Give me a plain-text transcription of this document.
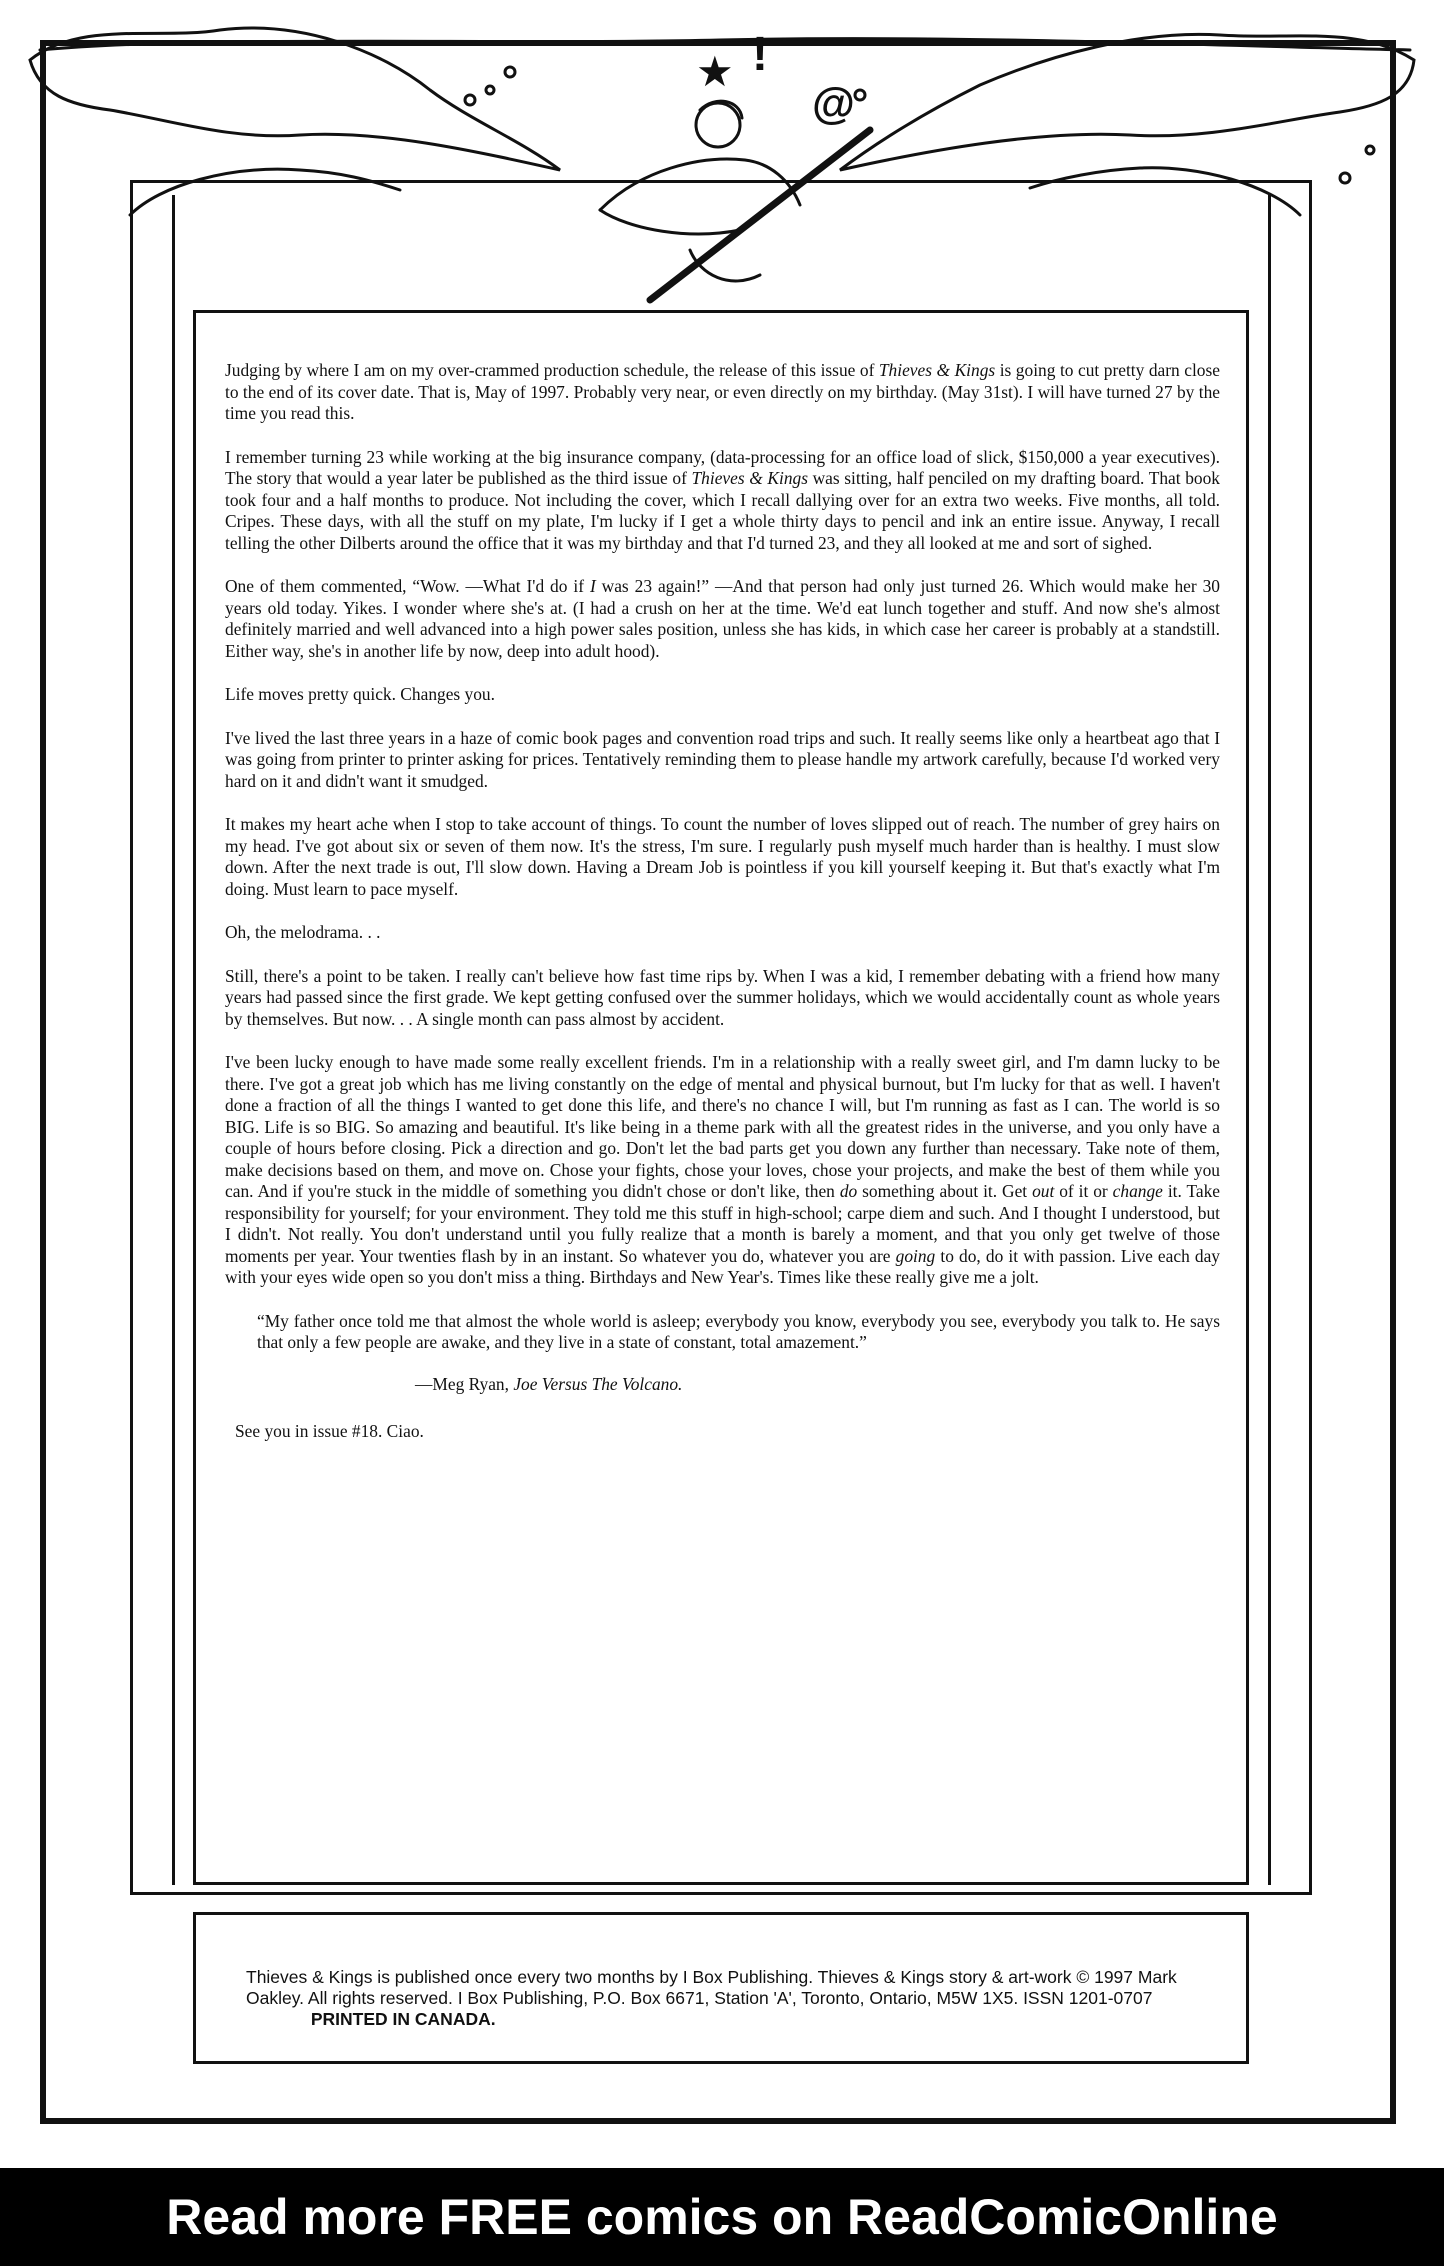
!
@
★

Judging by where I am on my over-crammed production schedule, the release of this issue of Thieves & Kings is going to cut pretty darn close to the end of its cover date. That is, May of 1997. Probably very near, or even directly on my birthday. (May 31st). I will have turned 27 by the time you read this.

I remember turning 23 while working at the big insurance company, (data-processing for an office load of slick, $150,000 a year executives). The story that would a year later be published as the third issue of Thieves & Kings was sitting, half penciled on my drafting board. That book took four and a half months to produce. Not including the cover, which I recall dallying over for an extra two weeks. Five months, all told. Cripes. These days, with all the stuff on my plate, I'm lucky if I get a whole thirty days to pencil and ink an entire issue. Anyway, I recall telling the other Dilberts around the office that it was my birthday and that I'd turned 23, and they all looked at me and sort of sighed.

One of them commented, “Wow. —What I'd do if I was 23 again!” —And that person had only just turned 26. Which would make her 30 years old today. Yikes. I wonder where she's at. (I had a crush on her at the time. We'd eat lunch together and stuff. And now she's almost definitely married and well advanced into a high power sales position, unless she has kids, in which case her career is probably at a standstill. Either way, she's in another life by now, deep into adult hood).

Life moves pretty quick. Changes you.

I've lived the last three years in a haze of comic book pages and convention road trips and such. It really seems like only a heartbeat ago that I was going from printer to printer asking for prices. Tentatively reminding them to please handle my artwork carefully, because I'd worked very hard on it and didn't want it smudged.

It makes my heart ache when I stop to take account of things. To count the number of loves slipped out of reach. The number of grey hairs on my head. I've got about six or seven of them now. It's the stress, I'm sure. I regularly push myself much harder than is healthy. I must slow down. After the next trade is out, I'll slow down. Having a Dream Job is pointless if you kill yourself keeping it. But that's exactly what I'm doing. Must learn to pace myself.

Oh, the melodrama. . .

Still, there's a point to be taken. I really can't believe how fast time rips by. When I was a kid, I remember debating with a friend how many years had passed since the first grade. We kept getting confused over the summer holidays, which we would accidentally count as whole years by themselves. But now. . . A single month can pass almost by accident.

I've been lucky enough to have made some really excellent friends. I'm in a relationship with a really sweet girl, and I'm damn lucky to be there. I've got a great job which has me living constantly on the edge of mental and physical burnout, but I'm lucky for that as well. I haven't done a fraction of all the things I wanted to get done this life, and there's no chance I will, but I'm running as fast as I can. The world is so BIG. Life is so BIG. So amazing and beautiful. It's like being in a theme park with all the greatest rides in the universe, and you only have a couple of hours before closing. Pick a direction and go. Don't let the bad parts get you down any further than necessary. Take note of them, make decisions based on them, and move on. Chose your fights, chose your loves, chose your projects, and make the best of them while you can. And if you're stuck in the middle of something you didn't chose or don't like, then do something about it. Get out of it or change it. Take responsibility for yourself; for your environment. They told me this stuff in high-school; carpe diem and such. And I thought I understood, but I didn't. Not really. You don't understand until you fully realize that a month is barely a moment, and that you only get twelve of those moments per year. Your twenties flash by in an instant. So whatever you do, whatever you are going to do, do it with passion. Live each day with your eyes wide open so you don't miss a thing. Birthdays and New Year's. Times like these really give me a jolt.

“My father once told me that almost the whole world is asleep; everybody you know, everybody you see, everybody you talk to. He says that only a few people are awake, and they live in a state of constant, total amazement.”

—Meg Ryan, Joe Versus The Volcano.

See you in issue #18. Ciao.

Thieves & Kings is published once every two months by I Box Publishing. Thieves & Kings story & art-work © 1997 Mark Oakley. All rights reserved. I Box Publishing, P.O. Box 6671, Station 'A', Toronto, Ontario, M5W 1X5. ISSN 1201-0707  PRINTED IN CANADA.
Read more FREE comics on ReadComicOnline
